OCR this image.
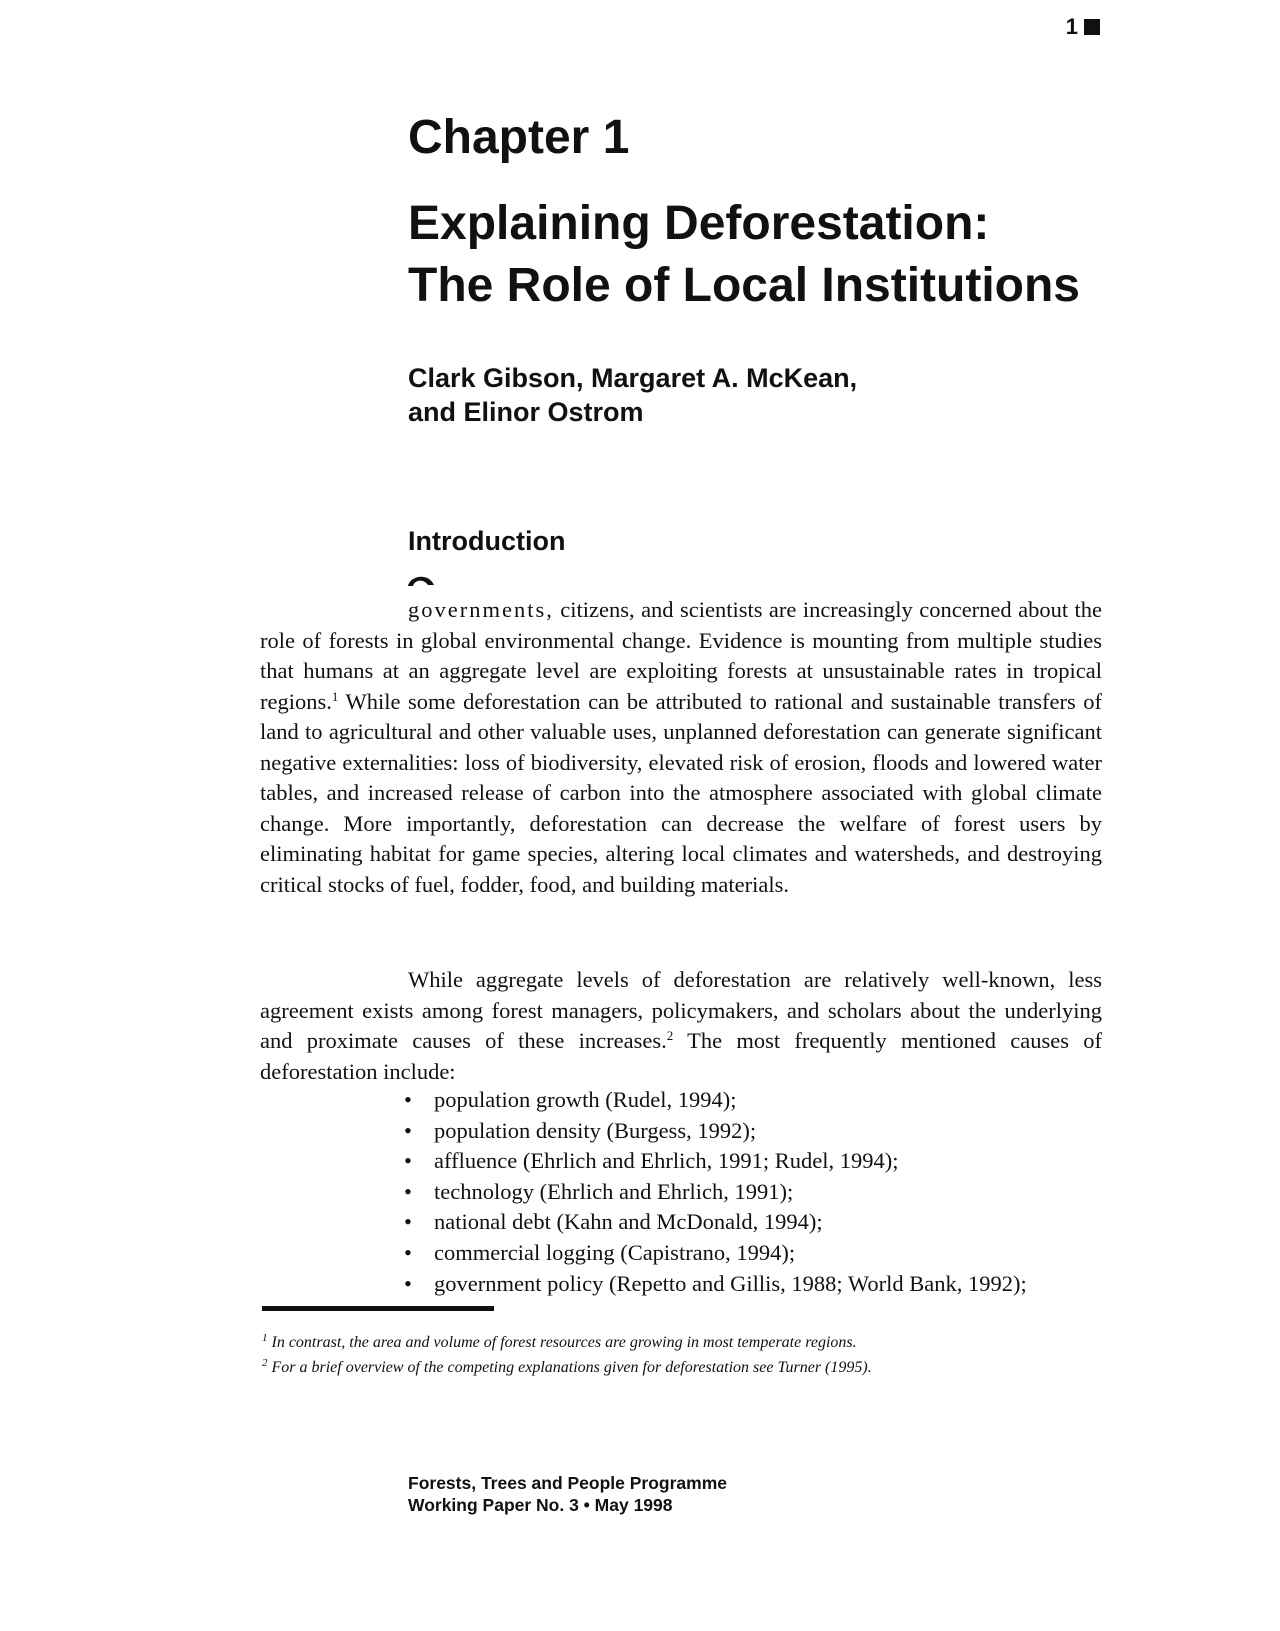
1
Chapter 1
Explaining Deforestation:
The Role of Local Institutions
Clark Gibson, Margaret A. McKean,
and Elinor Ostrom
Introduction

governments, citizens, and scientists are increasingly concerned about the role of forests in global environmental change. Evidence is mounting from multiple studies that humans at an aggregate level are exploiting forests at unsustainable rates in tropical regions.$^1$ While some deforestation can be attributed to rational and sustainable transfers of land to agricultural and other valuable uses, unplanned deforestation can generate significant negative externalities: loss of biodiversity, elevated risk of erosion, floods and lowered water tables, and increased release of carbon into the atmosphere associated with global climate change. More importantly, deforestation can decrease the welfare of forest users by eliminating habitat for game species, altering local climates and watersheds, and destroying critical stocks of fuel, fodder, food, and building materials.

While aggregate levels of deforestation are relatively well-known, less agreement exists among forest managers, policymakers, and scholars about the underlying and proximate causes of these increases.$^2$ The most frequently mentioned causes of deforestation include:

• population growth (Rudel, 1994);
• population density (Burgess, 1992);
• affluence (Ehrlich and Ehrlich, 1991; Rudel, 1994);
• technology (Ehrlich and Ehrlich, 1991);
• national debt (Kahn and McDonald, 1994);
• commercial logging (Capistrano, 1994);
• government policy (Repetto and Gillis, 1988; World Bank, 1992);
$^1$ In contrast, the area and volume of forest resources are growing in most temperate regions.
$^2$ For a brief overview of the competing explanations given for deforestation see Turner (1995).
Forests, Trees and People Programme
Working Paper No. 3 • May 1998
